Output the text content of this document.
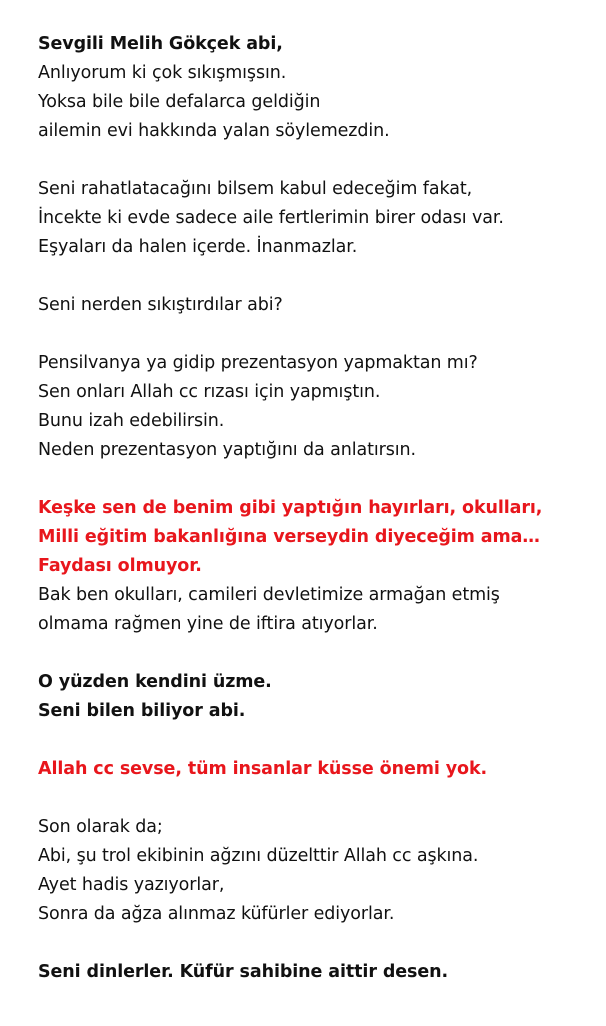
Sevgili Melih Gökçek abi,
Anlıyorum ki çok sıkışmışsın.
Yoksa bile bile defalarca geldiğin
ailemin evi hakkında yalan söylemezdin.
Seni rahatlatacağını bilsem kabul edeceğim fakat,
İncekte ki evde sadece aile fertlerimin birer odası var.
Eşyaları da halen içerde. İnanmazlar.
Seni nerden sıkıştırdılar abi?
Pensilvanya ya gidip prezentasyon yapmaktan mı?
Sen onları Allah cc rızası için yapmıştın.
Bunu izah edebilirsin.
Neden prezentasyon yaptığını da anlatırsın.
Keşke sen de benim gibi yaptığın hayırları, okulları,
Milli eğitim bakanlığına verseydin diyeceğim ama…
Faydası olmuyor.
Bak ben okulları, camileri devletimize armağan etmiş
olmama rağmen yine de iftira atıyorlar.
O yüzden kendini üzme.
Seni bilen biliyor abi.
Allah cc sevse, tüm insanlar küsse önemi yok.
Son olarak da;
Abi, şu trol ekibinin ağzını düzelttir Allah cc aşkına.
Ayet hadis yazıyorlar,
Sonra da ağza alınmaz küfürler ediyorlar.
Seni dinlerler. Küfür sahibine aittir desen.
